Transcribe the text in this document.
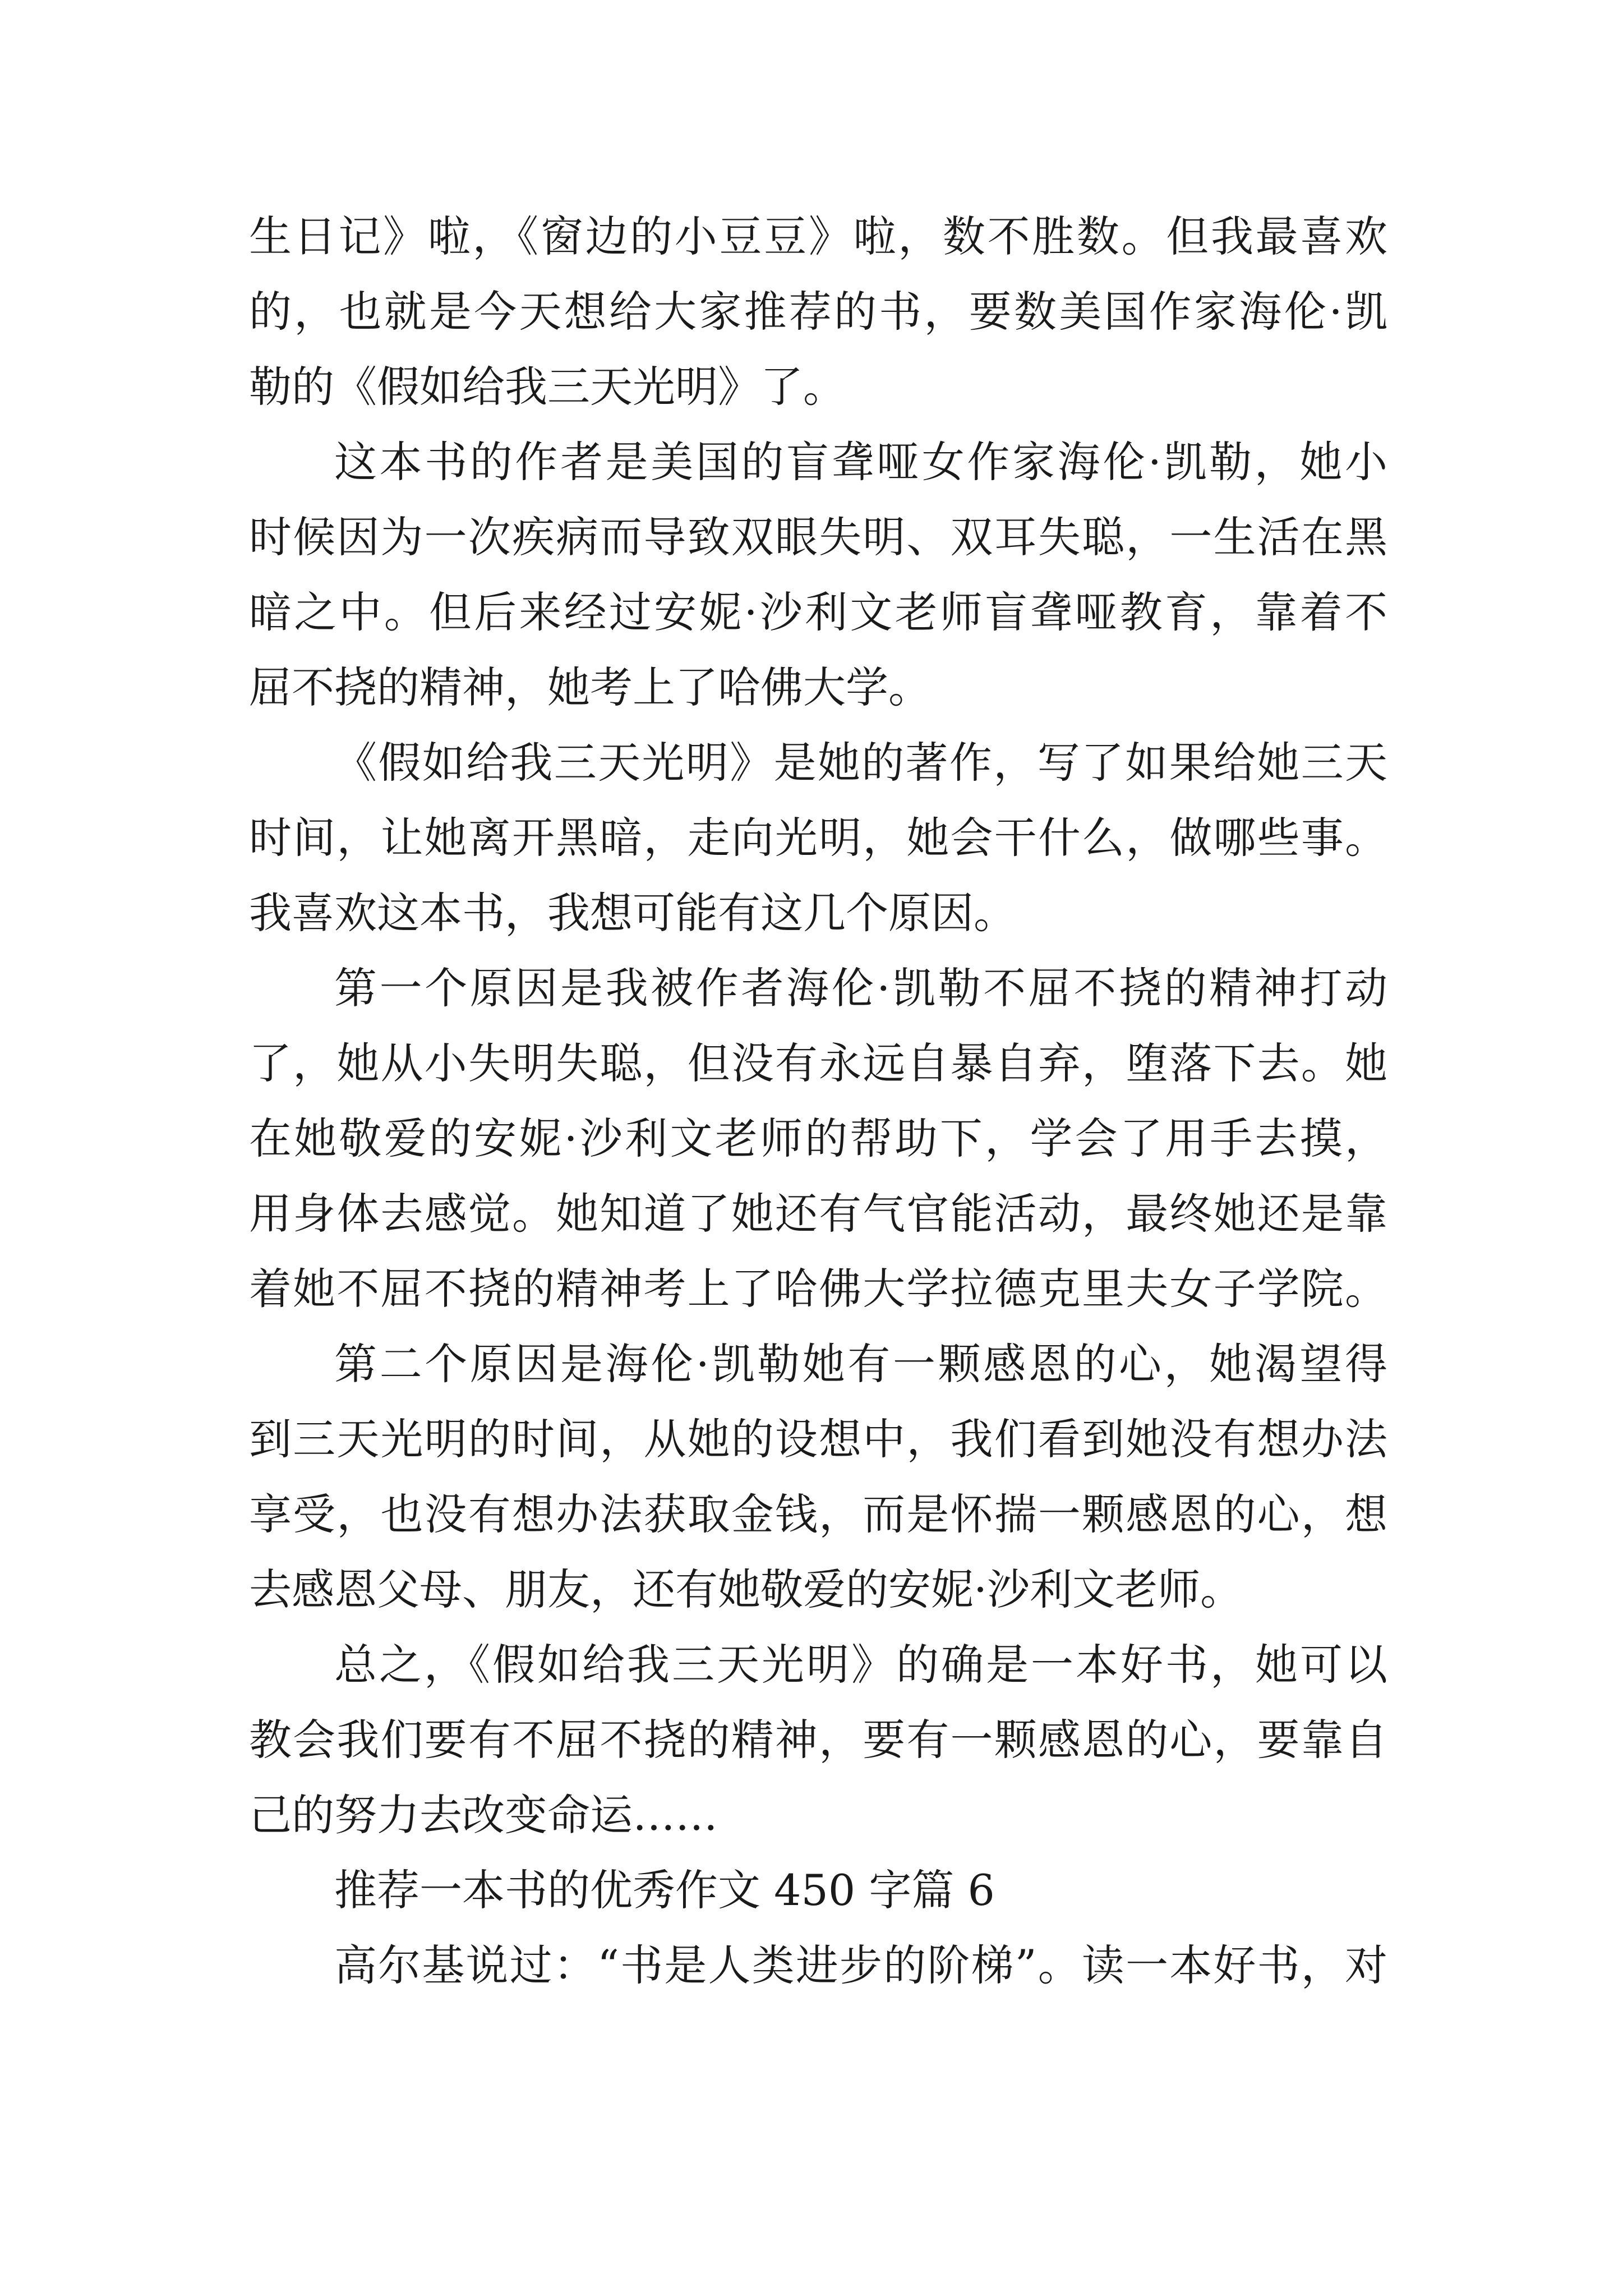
生日记》啦，《窗边的小豆豆》啦，数不胜数。但我最喜欢
的，也就是今天想给大家推荐的书，要数美国作家海伦·凯
勒的《假如给我三天光明》了。
这本书的作者是美国的盲聋哑女作家海伦·凯勒，她小
时候因为一次疾病而导致双眼失明、双耳失聪，一生活在黑
暗之中。但后来经过安妮·沙利文老师盲聋哑教育，靠着不
屈不挠的精神，她考上了哈佛大学。
《假如给我三天光明》是她的著作，写了如果给她三天
时间，让她离开黑暗，走向光明，她会干什么，做哪些事。
我喜欢这本书，我想可能有这几个原因。
第一个原因是我被作者海伦·凯勒不屈不挠的精神打动
了，她从小失明失聪，但没有永远自暴自弃，堕落下去。她
在她敬爱的安妮·沙利文老师的帮助下，学会了用手去摸，
用身体去感觉。她知道了她还有气官能活动，最终她还是靠
着她不屈不挠的精神考上了哈佛大学拉德克里夫女子学院。
第二个原因是海伦·凯勒她有一颗感恩的心，她渴望得
到三天光明的时间，从她的设想中，我们看到她没有想办法
享受，也没有想办法获取金钱，而是怀揣一颗感恩的心，想
去感恩父母、朋友，还有她敬爱的安妮·沙利文老师。
总之，《假如给我三天光明》的确是一本好书，她可以
教会我们要有不屈不挠的精神，要有一颗感恩的心，要靠自
己的努力去改变命运……
推荐一本书的优秀作文 450 字篇 6
高尔基说过：“书是人类进步的阶梯”。读一本好书，对
